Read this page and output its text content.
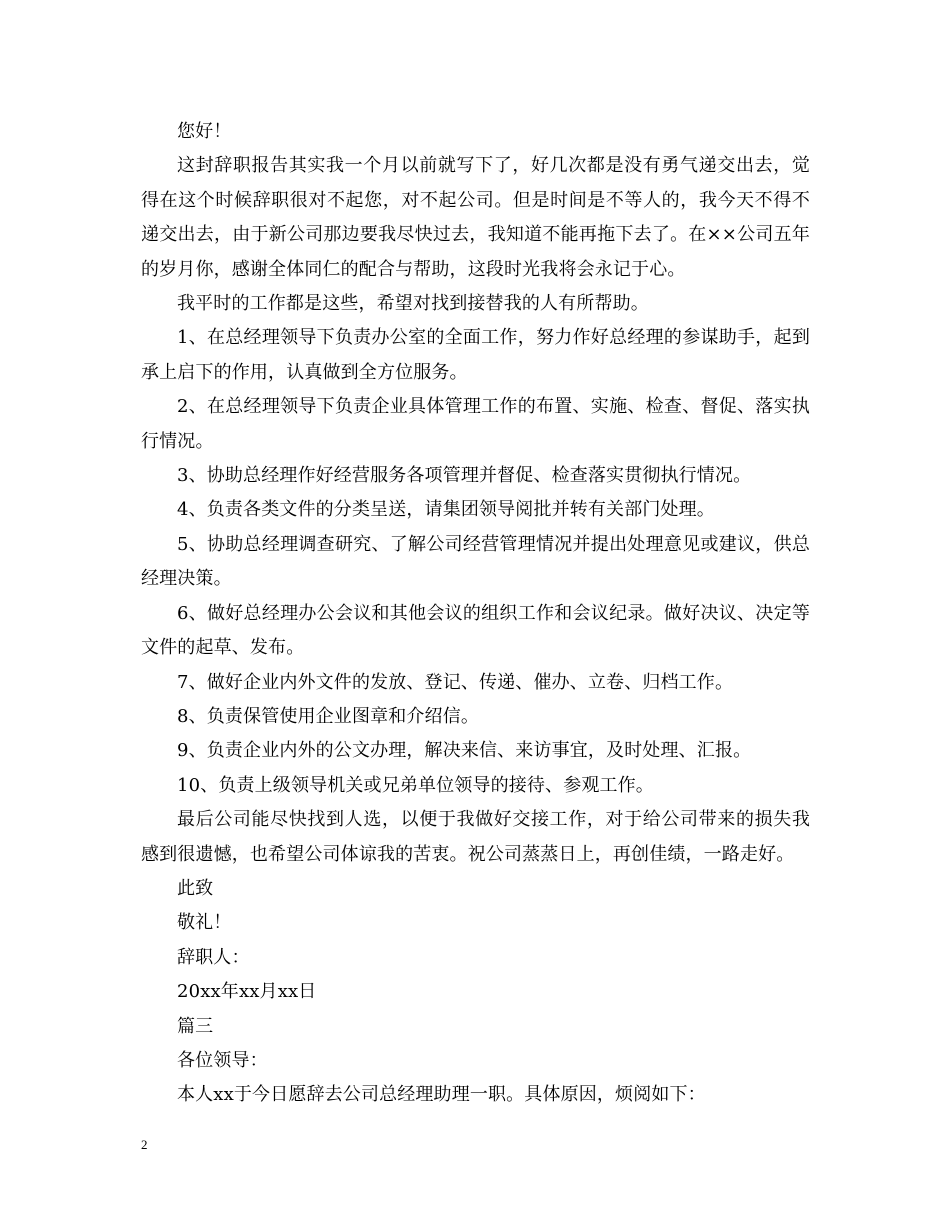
您好！

这封辞职报告其实我一个月以前就写下了，好几次都是没有勇气递交出去，觉得在这个时候辞职很对不起您，对不起公司。但是时间是不等人的，我今天不得不递交出去，由于新公司那边要我尽快过去，我知道不能再拖下去了。在××公司五年的岁月你，感谢全体同仁的配合与帮助，这段时光我将会永记于心。

我平时的工作都是这些，希望对找到接替我的人有所帮助。

1、在总经理领导下负责办公室的全面工作，努力作好总经理的参谋助手，起到承上启下的作用，认真做到全方位服务。

2、在总经理领导下负责企业具体管理工作的布置、实施、检查、督促、落实执行情况。

3、协助总经理作好经营服务各项管理并督促、检查落实贯彻执行情况。

4、负责各类文件的分类呈送，请集团领导阅批并转有关部门处理。

5、协助总经理调查研究、了解公司经营管理情况并提出处理意见或建议，供总经理决策。

6、做好总经理办公会议和其他会议的组织工作和会议纪录。做好决议、决定等文件的起草、发布。

7、做好企业内外文件的发放、登记、传递、催办、立卷、归档工作。

8、负责保管使用企业图章和介绍信。

9、负责企业内外的公文办理，解决来信、来访事宜，及时处理、汇报。

10、负责上级领导机关或兄弟单位领导的接待、参观工作。

最后公司能尽快找到人选，以便于我做好交接工作，对于给公司带来的损失我感到很遗憾，也希望公司体谅我的苦衷。祝公司蒸蒸日上，再创佳绩，一路走好。

此致

敬礼！

辞职人：

20xx年xx月xx日

篇三

各位领导：

本人xx于今日愿辞去公司总经理助理一职。具体原因，烦阅如下：

2
